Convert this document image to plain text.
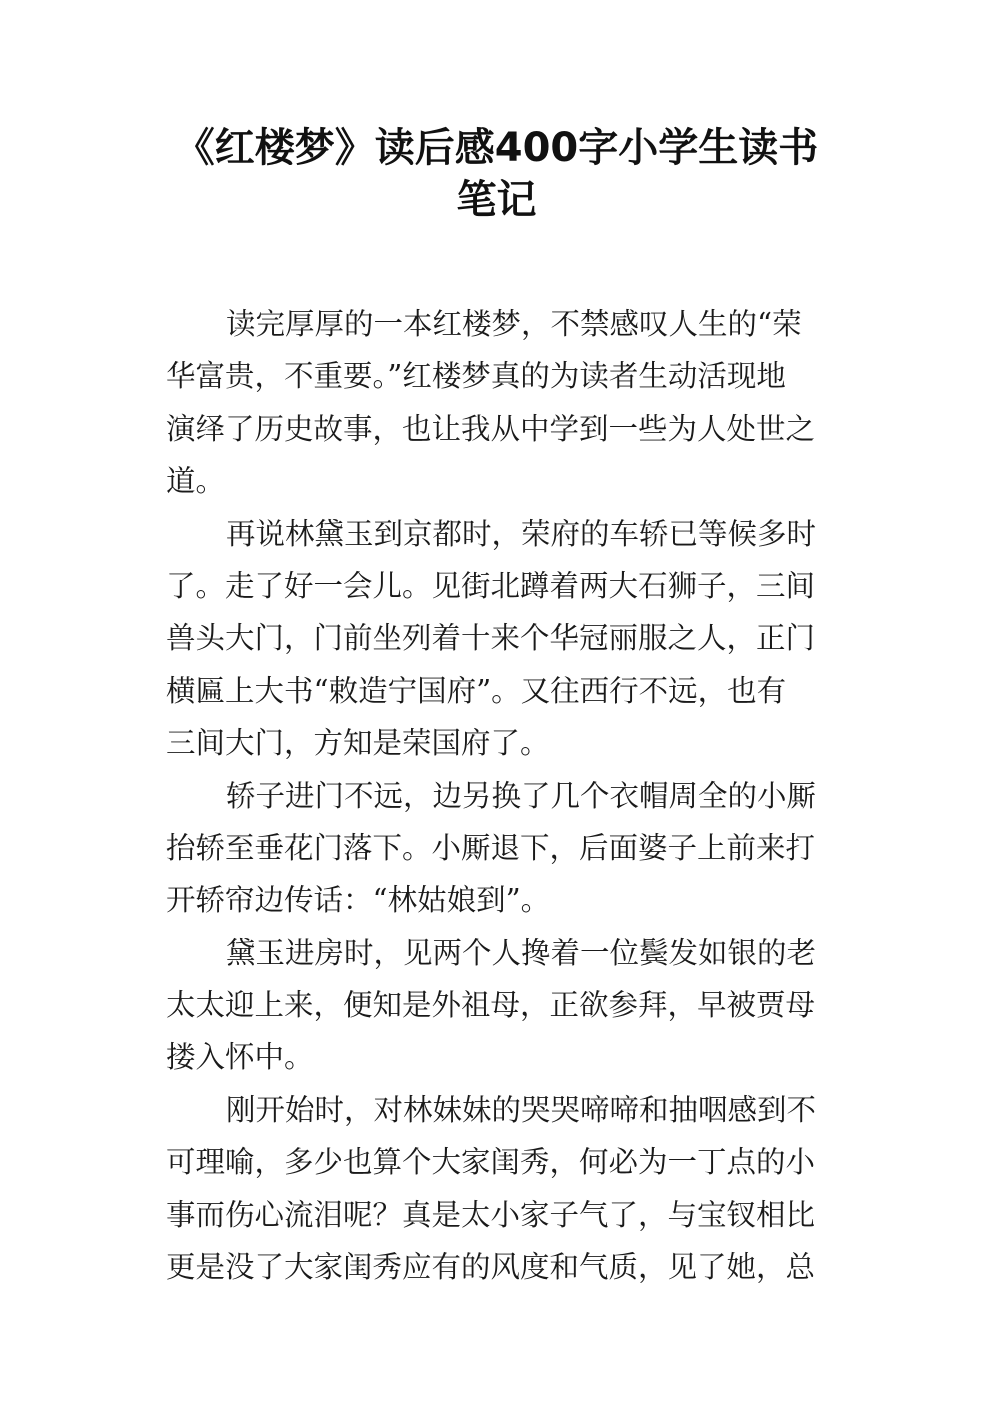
《红楼梦》读后感400字小学生读书
笔记
读完厚厚的一本红楼梦，不禁感叹人生的“荣
华富贵，不重要。”红楼梦真的为读者生动活现地
演绎了历史故事，也让我从中学到一些为人处世之
道。
再说林黛玉到京都时，荣府的车轿已等候多时
了。走了好一会儿。见街北蹲着两大石狮子，三间
兽头大门，门前坐列着十来个华冠丽服之人，正门
横匾上大书“敕造宁国府”。又往西行不远，也有
三间大门，方知是荣国府了。
轿子进门不远，边另换了几个衣帽周全的小厮
抬轿至垂花门落下。小厮退下，后面婆子上前来打
开轿帘边传话：“林姑娘到”。
黛玉进房时，见两个人搀着一位鬓发如银的老
太太迎上来，便知是外祖母，正欲参拜，早被贾母
搂入怀中。
刚开始时，对林妹妹的哭哭啼啼和抽咽感到不
可理喻，多少也算个大家闺秀，何必为一丁点的小
事而伤心流泪呢？真是太小家子气了，与宝钗相比
更是没了大家闺秀应有的风度和气质，见了她，总
